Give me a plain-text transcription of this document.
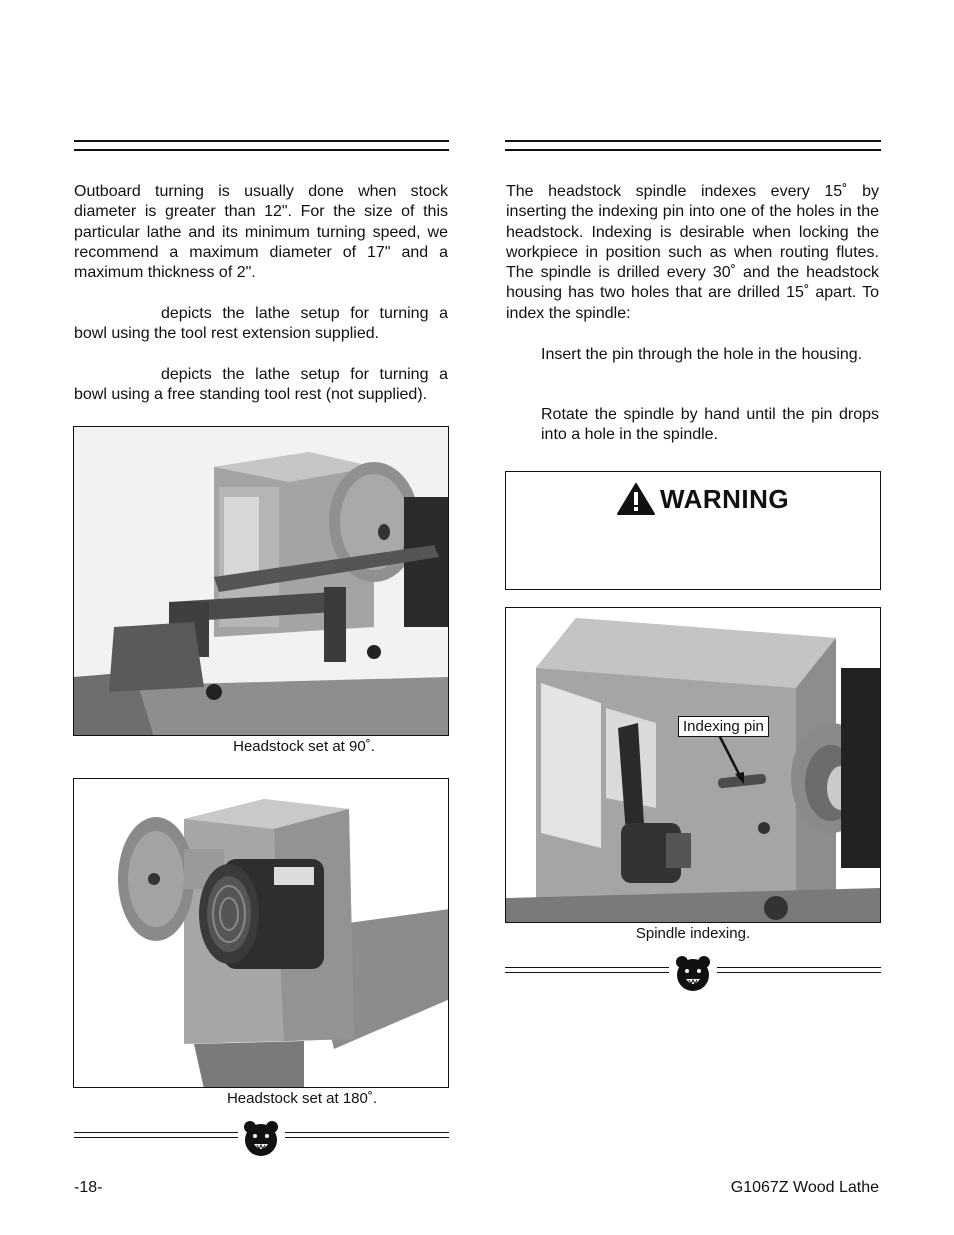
Outboard turning is usually done when stock diameter is greater than 12". For the size of this particular lathe and its minimum turning speed, we recommend a maximum diameter of 17" and a maximum thickness of 2".

depicts the lathe setup for turning a bowl using the tool rest extension supplied.

depicts the lathe setup for turning a bowl using a free standing tool rest (not supplied).

Headstock set at 90˚.
Headstock set at 180˚.

The headstock spindle indexes every 15˚ by inserting the indexing pin into one of the holes in the headstock. Indexing is desirable when locking the workpiece in position such as when routing flutes. The spindle is drilled every 30˚ and the headstock housing has two holes that are drilled 15˚ apart. To index the spindle:

Insert the pin through the hole in the housing.

Rotate the spindle by hand until the pin drops into a hole in the spindle.

WARNING
Indexing pin
Spindle indexing.
-18-	G1067Z Wood Lathe
